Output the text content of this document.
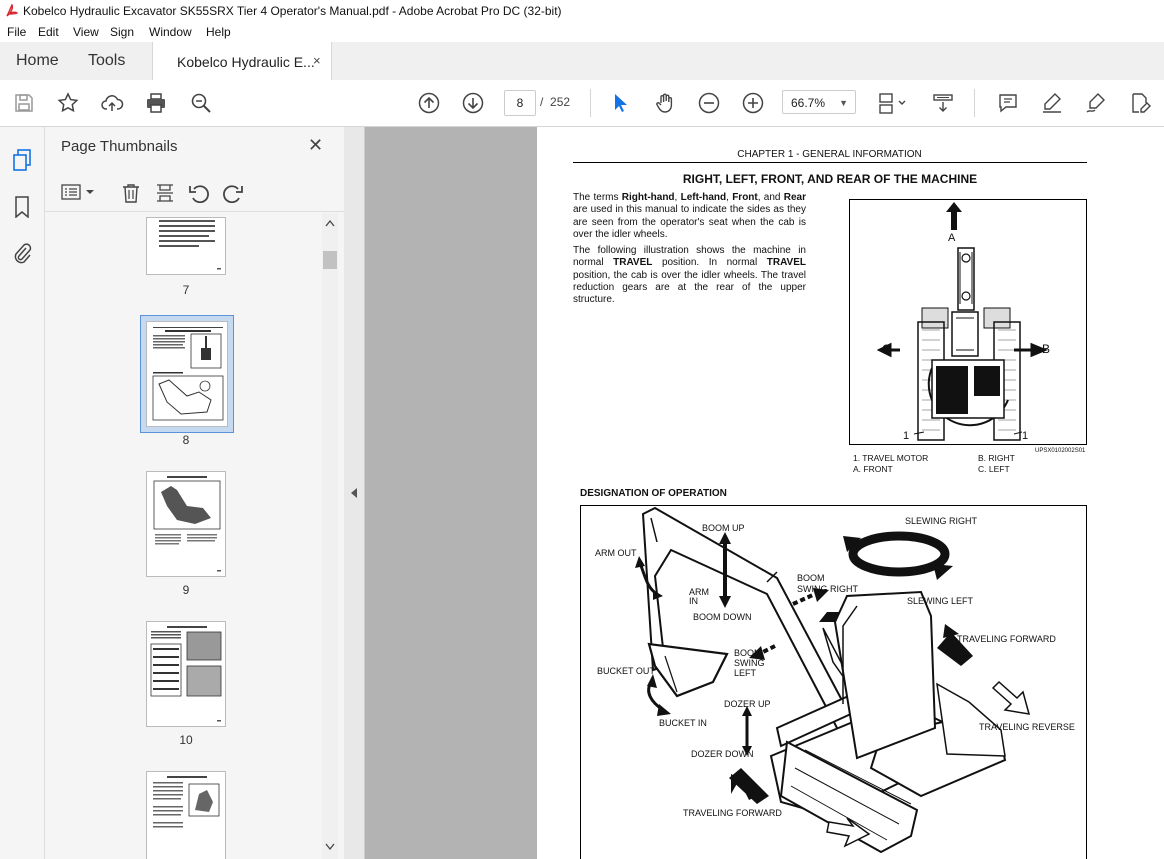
Kobelco Hydraulic Excavator SK55SRX Tier 4 Operator's Manual.pdf - Adobe Acrobat Pro DC (32-bit)
File Edit View Sign Window Help
Home Tools	Kobelco Hydraulic E...
×
8	/ 252	66.7% ▼
Page Thumbnails	✕
7
8
9
10
CHAPTER 1 - GENERAL INFORMATION
RIGHT, LEFT, FRONT, AND REAR OF THE MACHINE
The terms Right-hand, Left-hand, Front, and Rear are used in this manual to indicate the sides as they are seen from the operator's seat when the cab is over the idler wheels.
The following illustration shows the machine in normal TRAVEL position. In normal TRAVEL position, the cab is over the idler wheels. The travel reduction gears are at the rear of the upper structure.
A
C	B
1	1
UPSX0102002S01
1. TRAVEL MOTOR
A. FRONT
B. RIGHT
C. LEFT
DESIGNATION OF OPERATION
BOOM UP
ARM OUT
ARM
IN
BOOM DOWN
BOOM
SWING RIGHT
BOOM
SWING
LEFT
SLEWING RIGHT
SLEWING LEFT
TRAVELING FORWARD
BUCKET OUT
BUCKET IN
DOZER UP
DOZER DOWN
TRAVELING REVERSE
TRAVELING FORWARD
